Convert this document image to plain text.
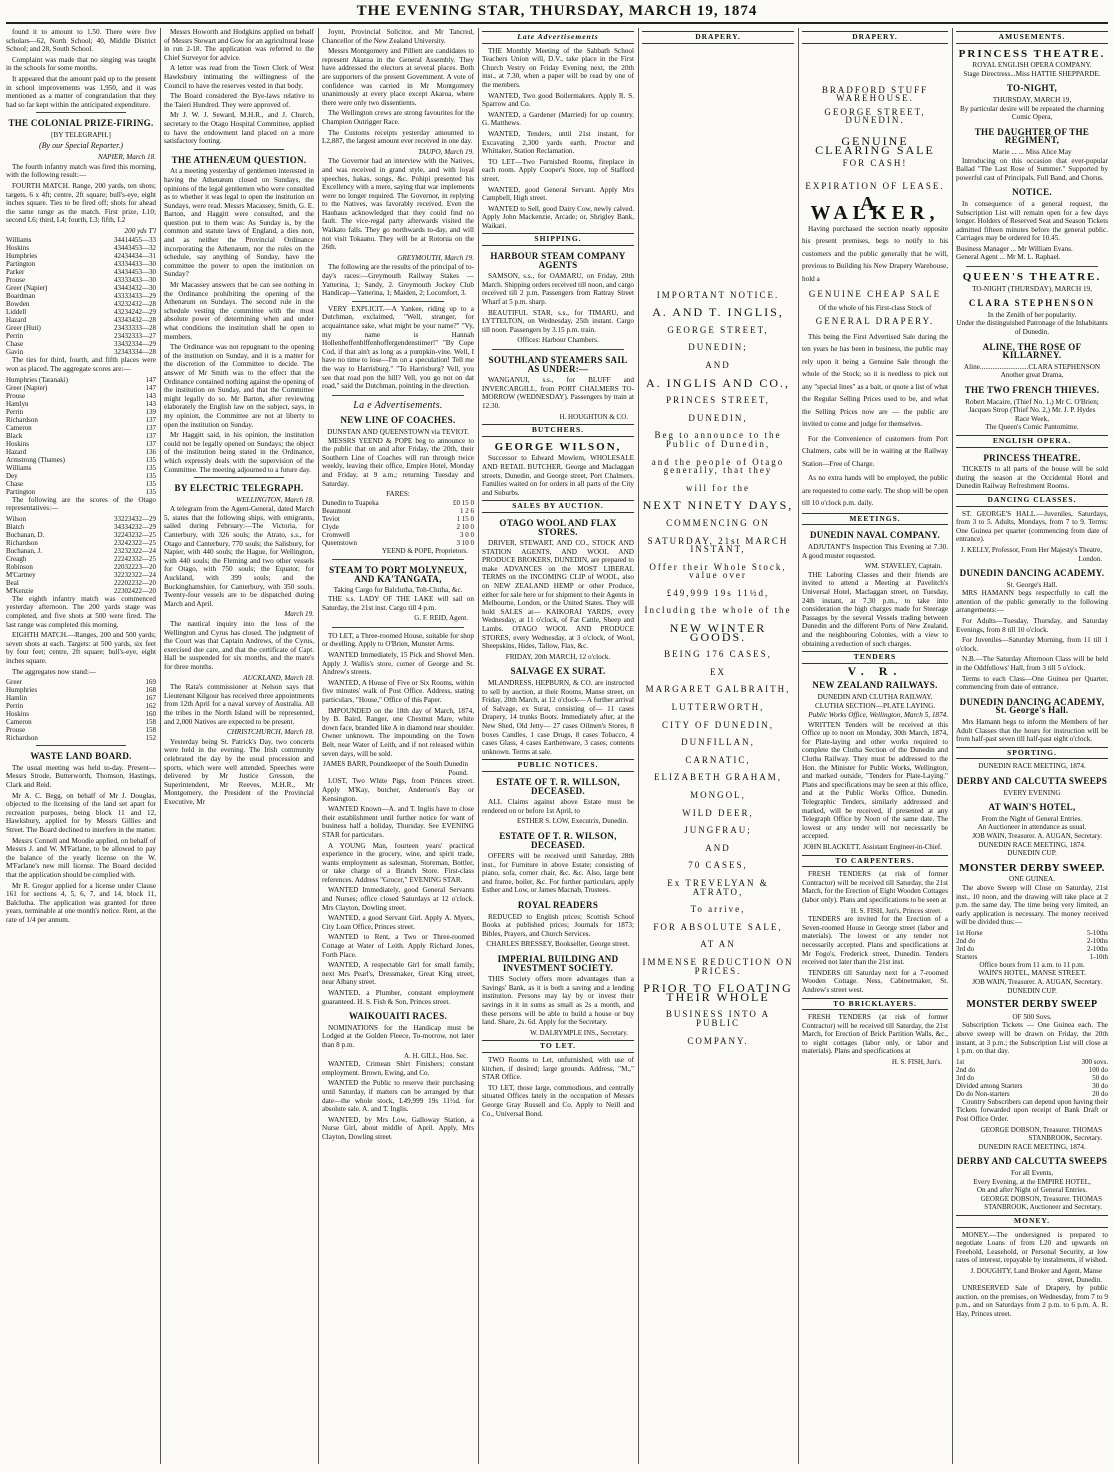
THE EVENING STAR, THURSDAY, MARCH 19, 1874

found it to amount to 1.50. There were five scholars—62, North School; 40, Middle District School; and 28, South School.

Complaint was made that no singing was taught in the schools for some months.

It appeared that the amount paid up to the present in school improvements was 1,950, and it was mentioned as a matter of congratulation that they had so far kept within the anticipated expenditure.

THE COLONIAL PRIZE-FIRING.
[BY TELEGRAPH.]
(By our Special Reporter.)
NAPIER, March 18.

The fourth infantry match was fired this morning, with the following result:—

FOURTH MATCH. Range, 200 yards, ten shots; targets, 6 x 4ft; centre, 2ft square; bull's-eye, eight inches square. Ties to be fired off; shots for ahead the same range as the match. First prize, L10; second L6; third, L4; fourth, L3; fifth, L2

200 yds T'l
Williams	34414455—33
Hoskins	43443453—32
Humphries	42434434—31
Partington	43334433—30
Parker	43434453—30
Prouse	43333433—30
Greer (Napier)	43443432—30
Boardman	43333433—29
Bowden	43232432—28
Liddell	43234242—29
Hazard	43343432—28
Greer (Huti)	23433333—28
Perrin	23432333—27
Chase	33432334—29
Gavin	32343334—28

The ties for third, fourth, and fifth places were won as placed. The aggregate scores are:—

Humphries (Taranaki)	147
Greer (Napier)	147
Prouse	143
Hamlyn	143
Perrin	139
Richardson	137
Cameron	137
Black	137
Hoskins	137
Hazard	136
Armstrong (Thames)	135
Williams	135
Dey	135
Chase	135
Partington	135

The following are the scores of the Otago representatives:—

Wilson	33223432—29
Blatch	34334232—29
Buchanan, D.	32243232—25
Richardson	23242322—25
Buchanan, J.	23232322—24
Creagh	22242332—25
Robinson	22032223—20
M'Cartney	32232322—24
Beal	22202232—20
M'Kenzie	22302422—20

The eighth infantry match was commenced yesterday afternoon. The 200 yards stage was completed, and five shots at 500 were fired. The last range was completed this morning.

EIGHTH MATCH.—Ranges, 200 and 500 yards; seven shots at each. Targets: at 500 yards, six feet by four feet; centre, 2ft square; bull's-eye, eight inches square.

The aggregates now stand:—

Greer	169
Humphries	168
Hamlin	167
Perrin	162
Hoskins	160
Cameron	158
Prouse	158
Richardson	152
WASTE LAND BOARD.

The usual meeting was held to-day. Present—Messrs Strode, Butterworth, Thomson, Hastings, Clark and Reid.

Mr A. C. Begg, on behalf of Mr J. Douglas, objected to the licensing of the land set apart for recreation purposes, being block 11 and 12, Hawksbury, applied for by Messrs Gillies and Street. The Board declined to interfere in the matter.

Messrs Connell and Moodie applied, on behalf of Messrs J. and W. M'Farlane, to be allowed to pay the balance of the yearly license on the W. M'Farlane's new mill license. The Board decided that the application should be complied with.

Mr R. Gregor applied for a license under Clause 161 for sections 4, 5, 6, 7, and 14, block 11, Balclutha. The application was granted for three years, terminable at one month's notice. Rent, at the rate of 1/4 per annum.

Messrs Howorth and Hodgkins applied on behalf of Messrs Stewart and Gow for an agricultural lease in run 2-18. The application was referred to the Chief Surveyor for advice.

A letter was read from the Town Clerk of West Hawksbury intimating the willingness of the Council to have the reserves vested in that body.

The Board considered the Bye-laws relative to the Taieri Hundred. They were approved of.

Mr J. W. J. Seward, M.H.R., and J. Church, secretary to the Otago Hospital Committee, applied to have the endowment land placed on a more satisfactory footing.

THE ATHENÆUM QUESTION.

At a meeting yesterday of gentlemen interested in having the Athenæum closed on Sundays, the opinions of the legal gentlemen who were consulted as to whether it was legal to open the institution on Sundays, were read. Messrs Macassey, Smith, G. E. Barton, and Haggitt were consulted, and the question put to them was: As Sunday is, by the common and statute laws of England, a dies non, and as neither the Provincial Ordinance incorporating the Athenæum, nor the rules on the schedule, say anything of Sunday, have the committee the power to open the institution on Sunday?

Mr Macassey answers that he can see nothing in the Ordinance prohibiting the opening of the Athenæum on Sundays. The second rule in the schedule vesting the committee with the most absolute power of determining when and under what conditions the institution shall be open to members.

The Ordinance was not repugnant to the opening of the institution on Sunday, and it is a matter for the discretion of the Committee to decide. The answer of Mr Smith was to the effect that the Ordinance contained nothing against the opening of the institution on Sunday, and that the Committee might legally do so. Mr Barton, after reviewing elaborately the English law on the subject, says, in my opinion, the Committee are not at liberty to open the institution on Sunday.

Mr Haggitt said, in his opinion, the institution could not be legally opened on Sundays; the object of the institution being stated in the Ordinance, which expressly deals with the supervision of the Committee. The meeting adjourned to a future day.

BY ELECTRIC TELEGRAPH.
WELLINGTON, March 18.

A telegram from the Agent-General, dated March 5, states that the following ships, with emigrants, sailed during February:—The Victoria, for Canterbury, with 326 souls; the Atrato, s.s., for Otago and Canterbury, 770 souls; the Salisbury, for Napier, with 440 souls; the Hague, for Wellington, with 440 souls; the Fleming and two other vessels for Otago, with 750 souls; the Equator, for Auckland, with 399 souls; and the Buckinghamshire, for Canterbury, with 350 souls. Twenty-four vessels are to be dispatched during March and April.

March 19.

The nautical inquiry into the loss of the Wellington and Cyrus has closed. The judgment of the Court was that Captain Andrews, of the Cyrus, exercised due care, and that the certificate of Capt. Hall be suspended for six months, and the mate's for three months.

AUCKLAND, March 18.

The Rata's commissioner at Nelson says that Lieutenant Kilgour has received three appointments from 12th April for a naval survey of Australia. All the tribes in the North Island will be represented, and 2,000 Natives are expected to be present.

CHRISTCHURCH, March 18.

Yesterday being St. Patrick's Day, two concerts were held in the evening. The Irish community celebrated the day by the usual procession and sports, which were well attended. Speeches were delivered by Mr Justice Gresson, the Superintendent, Mr Reeves, M.H.R., Mr Montgomery, the President of the Provincial Executive, Mr

Joynt, Provincial Solicitor, and Mr Tancred, Chancellor of the New Zealand University.

Messrs Montgomery and Pilliett are candidates to represent Akaroa in the General Assembly. They have addressed the electors at several places. Both are supporters of the present Government. A vote of confidence was carried in Mr Montgomery unanimously at every place except Akaroa, where there were only two dissentients.

The Wellington crews are strong favourites for the Champion Outrigger Race.

The Customs receipts yesterday amounted to L2,887, the largest amount ever received in one day.

TAUPO, March 19.

The Governor had an interview with the Natives, and was received in grand style, and with loyal speeches, hakas, songs, &c. Pohipi presented his Excellency with a mere, saying that war implements were no longer required. The Governor, in replying to the Natives, was favorably received. Even the Hauhaus acknowledged that they could find no fault. The vice-regal party afterwards visited the Waikato falls. They go northwards to-day, and will not visit Tokaanu. They will be at Rotorua on the 26th.

GREYMOUTH, March 19.

The following are the results of the principal of to-day's races:—Greymouth Railway Stakes —Yatterina, 1; Sandy, 2. Greymouth Jockey Club Handicap—Yatterina, 1; Maiden, 2; Locomfort, 3.

VERY EXPLICIT.—A Yankee, riding up to a Dutchman, exclaimed, "Well, stranger, for acquaintance sake, what might be your name?" "Vy, my name is Hannah Hollenheffenblffenhoffergendenstimer!" "By Cope Cod, if that ain't as long as a pumpkin-vine. Well, I have no time to lose—I'm on a speculation! Tell me the way to Harrisburg." "To Harrisburg? Vell, you see that road pon the hill? Vell, you go not on dat road," said the Dutchman, pointing in the direction.

La e Advertisements.
NEW LINE OF COACHES.
DUNSTAN AND QUEENSTOWN via TEVIOT.

MESSRS YEEND & POPE beg to announce to the public that on and after Friday, the 20th, their Southern Line of Coaches will run through twice weekly, leaving their office, Empire Hotel, Monday and Friday, at 9 a.m.; returning Tuesday and Saturday.

FARES:
Dunedin to Tuapeka	£0 15 0
Beaumont	1 2 6
Teviot	1 15 0
Clyde	2 10 0
Cromwell	3 0 0
Queenstown	3 10 0
YEEND & POPE, Proprietors.
STEAM TO PORT MOLYNEUX, AND KA'TANGATA,
Taking Cargo for Balclutha, Toh-Clutha, &c.

THE s.s. LADY OF THE LAKE will sail on Saturday, the 21st inst. Cargo till 4 p.m.

G. F. REID, Agent.

TO LET, a Three-roomed House, suitable for shop or dwelling. Apply to O'Brien, Munster Arms.

WANTED Immediately, 15 Pick and Shovel Men. Apply J. Wallis's store, corner of George and St. Andrew's streets.

WANTED, A House of Five or Six Rooms, within five minutes' walk of Post Office. Address, stating particulars, "House," Office of this Paper.

IMPOUNDED on the 18th day of March, 1874, by B. Baird, Ranger, one Chestnut Mare, white down face, branded like A in diamond near shoulder. Owner unknown. The impounding on the Town Belt, near Water of Leith, and if not released within seven days, will be sold.

JAMES BARR, Poundkeeper of the South Dunedin Pound.

LOST, Two White Pigs, from Princes street. Apply M'Kay, butcher, Anderson's Bay or Kensington.

WANTED Known—A. and T. Inglis have to close their establishment until further notice for want of business half a holiday, Thursday. See EVENING STAR for particulars.

A YOUNG Man, fourteen years' practical experience in the grocery, wine, and spirit trade, wants employment as salesman, Storeman, Bottler, or take charge of a Branch Store. First-class references. Address "Grocer," EVENING STAR.

WANTED Immediately, good General Servants and Nurses; office closed Saturdays at 12 o'clock. Mrs Clayton, Dowling street.

WANTED, a good Servant Girl. Apply A. Myers, City Loan Office, Princes street.

WANTED to Rent, a Two or Three-roomed Cottage at Water of Leith. Apply Richard Jones, Forth Place.

WANTED, A respectable Girl for small family, next Mrs Pearl's, Dressmaker, Great King street, near Albany street.

WANTED, a Plumber, constant employment guaranteed. H. S. Fish & Son, Princes street.

WAIKOUAITI RACES.

NOMINATIONS for the Handicap must be Lodged at the Golden Fleece, To-morrow, not later than 8 p.m.

A. H. GILL, Hon. Sec.

WANTED, Crimean Shirt Finishers; constant employment. Brown, Ewing, and Co.

WANTED the Public to reserve their purchasing until Saturday, if matters can be arranged by that date—the whole stock, L49,999 19s 11½d. for absolute sale. A. and T. Inglis.

WANTED, by Mrs Low, Galloway Station, a Nurse Girl, about middle of April. Apply, Mrs Clayton, Dowling street.

Late Advertisements

THE Monthly Meeting of the Sabbath School Teachers Union will, D.V., take place in the First Church Vestry on Friday Evening next, the 20th inst., at 7.30, when a paper will be read by one of the members.

WANTED, Two good Boilermakers. Apply R. S. Sparrow and Co.

WANTED, a Gardener (Married) for up country. G. Matthews.

WANTED, Tenders, until 21st instant, for Excavating 2,300 yards earth. Proctor and Whittaker, Station Reclamation.

TO LET—Two Furnished Rooms, fireplace in each room. Apply Cooper's Store, top of Stafford street.

WANTED, good General Servant. Apply Mrs Campbell, High street.

WANTED to Sell, good Dairy Cow, newly calved. Apply John Mackenzie, Arcade; or, Shrigley Bank, Waikari.

SHIPPING.
HARBOUR STEAM COMPANY AGENTS

SAMSON, s.s., for OAMARU, on Friday, 20th March. Shipping orders received till noon, and cargo received till 2 p.m. Passengers from Rattray Street Wharf at 5 p.m. sharp.

BEAUTIFUL STAR, s.s., for TIMARU, and LYTTELTON, on Wednesday, 25th instant. Cargo till noon. Passengers by 3.15 p.m. train.

Offices: Harbour Chambers.
SOUTHLAND STEAMERS SAIL AS UNDER:—

WANGANUI, s.s., for BLUFF and INVERCARGILL, from PORT CHALMERS TO-MORROW (WEDNESDAY). Passengers by train at 12.30.

H. HOUGHTON & CO.
BUTCHERS.
GEORGE WILSON,

Successor to Edward Mowlem, WHOLESALE AND RETAIL BUTCHER, George and Maclaggan streets, Dunedin, and George street, Port Chalmers. Families waited on for orders in all parts of the City and Suburbs.

SALES BY AUCTION.
OTAGO WOOL AND FLAX STORES.

DRIVER, STEWART, AND CO., STOCK AND STATION AGENTS, AND WOOL AND PRODUCE BROKERS, DUNEDIN, are prepared to make ADVANCES on the MOST LIBERAL TERMS on the INCOMING CLIP of WOOL, also on NEW ZEALAND HEMP or other Produce, either for sale here or for shipment to their Agents in Melbourne, London, or the United States. They will hold SALES at— KAIKORAI YARDS, every Wednesday, at 11 o'clock, of Fat Cattle, Sheep and Lambs. OTAGO WOOL AND PRODUCE STORES, every Wednesday, at 3 o'clock, of Wool, Sheepskins, Hides, Tallow, Flax, &c.

FRIDAY, 20th MARCH, 12 o'clock.
SALVAGE EX SURAT.

MLANDRESS, HEPBURN, & CO. are instructed to sell by auction, at their Rooms, Manse street, on Friday, 20th March, at 12 o'clock— A further arrival of Salvage, ex Surat, consisting of— 11 cases Drapery, 14 trunks Boots. Immediately after, at the New Shed, Old Jetty— 27 cases Oilmen's Stores, 8 boxes Candles, 1 case Drugs, 8 cases Tobacco, 4 cases Glass, 4 cases Earthenware, 3 cases, contents unknown. Terms at sale.

PUBLIC NOTICES.
ESTATE OF T. R. WILLSON, DECEASED.

ALL Claims against above Estate must be rendered on or before 1st April, to

ESTHER S. LOW, Executrix, Dunedin.
ESTATE OF T. R. WILSON, DECEASED.

OFFERS will be received until Saturday, 28th inst., for Furniture in above Estate; consisting of piano, sofa, corner chair, &c. &c. Also, large bent and frame, boiler, &c. For further particulars, apply Esther and Low, or James Macnab, Trustees.

ROYAL READERS

REDUCED to English prices; Scottish School Books at published prices; Journals for 1873; Bibles, Prayers, and Church Services.

CHARLES BRESSEY, Bookseller, George street.
IMPERIAL BUILDING AND INVESTMENT SOCIETY.

THIS Society offers more advantages than a Savings' Bank, as it is both a saving and a lending institution. Persons may lay by or invest their savings in it in sums as small as 2s a month, and these persons will be able to build a house or buy land. Share, 2s. 6d. Apply for the Secretary.

W. DALRYMPLE INS., Secretary.
TO LET.

TWO Rooms to Let, unfurnished, with use of kitchen, if desired; large grounds. Address, "M.," STAR Office.

TO LET, those large, commodious, and centrally situated Offices lately in the occupation of Messrs George Gray Russell and Co. Apply to Neill and Co., Universal Bond.

DRAPERY.
IMPORTANT NOTICE.
A. AND T. INGLIS,
GEORGE STREET,
DUNEDIN;
AND
A. INGLIS AND CO.,
PRINCES STREET,
DUNEDIN,
Beg to announce to the Public of Dunedin,
and the people of Otago generally, that they
will for the
NEXT NINETY DAYS,
COMMENCING ON
SATURDAY, 21st MARCH INSTANT,
Offer their Whole Stock, value over
£49,999 19s 11½d,
Including the whole of the
NEW WINTER GOODS.
BEING 176 CASES,
EX
MARGARET GALBRAITH,
LUTTERWORTH,
CITY OF DUNEDIN,
DUNFILLAN,
CARNATIC,
ELIZABETH GRAHAM,
MONGOL,
WILD DEER,
JUNGFRAU;
AND
70 CASES,
Ex TREVELYAN & ATRATO,
To arrive,
FOR ABSOLUTE SALE,
AT AN
IMMENSE REDUCTION ON PRICES.
PRIOR TO FLOATING THEIR WHOLE
BUSINESS INTO A PUBLIC
COMPANY.
DRAPERY.
BRADFORD STUFF WAREHOUSE.
GEORGE STREET, DUNEDIN.
GENUINE CLEARING SALE
FOR CASH!
EXPIRATION OF LEASE.
A. WALKER,

Having purchased the section nearly opposite his present premises, begs to notify to his customers and the public generally that he will, previous to Building his New Drapery Warehouse, hold a

GENUINE CHEAP SALE
Of the whole of his First-class Stock of
GENERAL DRAPERY.

This being the First Advertised Sale during the ten years he has been in business, the public may rely upon it being a Genuine Sale through the whole of the Stock; so it is needless to pick out any "special lines" as a bait, or quote a list of what the Regular Selling Prices used to be, and what the Selling Prices now are — the public are invited to come and judge for themselves.

For the Convenience of customers from Port Chalmers, cabs will be in waiting at the Railway Station—Free of Charge.

As no extra hands will be employed, the public are requested to come early. The shop will be open till 10 o'clock p.m. daily.

MEETINGS.
DUNEDIN NAVAL COMPANY.

ADJUTANT'S Inspection This Evening at 7.30. A good muster requested.

WM. STAVELEY, Captain.

THE Laboring Classes and their friends are invited to attend a Meeting at Pavelitch's Universal Hotel, Maclaggan street, on Tuesday, 24th instant, at 7.30 p.m., to take into consideration the high charges made for Steerage Passages by the several Vessels trading between Dunedin and the different Ports of New Zealand, and the neighbouring Colonies, with a view to obtaining a reduction of such charges.

TENDERS
V. R.
NEW ZEALAND RAILWAYS.
DUNEDIN AND CLUTHA RAILWAY.
CLUTHA SECTION—PLATE LAYING.
Public Works Office, Wellington, March 5, 1874.

WRITTEN Tenders will be received at this Office up to noon on Monday, 30th March, 1874, for Plate-laying and other works required to complete the Clutha Section of the Dunedin and Clutha Railway. They must be addressed to the Hon. the Minister for Public Works, Wellington, and marked outside, "Tenders for Plate-Laying." Plans and specifications may be seen at this office, and at the Public Works Office, Dunedin. Telegraphic Tenders, similarly addressed and marked, will be received, if presented at any Telegraph Office by Noon of the same date. The lowest or any tender will not necessarily be accepted.

JOHN BLACKETT, Assistant Engineer-in-Chief.
TO CARPENTERS.

FRESH TENDERS (at risk of former Contractor) will be received till Saturday, the 21st March, for the Erection of Eight Wooden Cottages (labor only). Plans and specifications to be seen at

H. S. FISH, Jun's, Princes street.

TENDERS are invited for the Erection of a Seven-roomed House in George street (labor and materials). The lowest or any tender not necessarily accepted. Plans and specifications at Mr Fogo's, Frederick street, Dunedin. Tenders received not later than the 21st inst.

TENDERS till Saturday next for a 7-roomed Wooden Cottage. Ness, Cabinetmaker, St. Andrew's street west.

TO BRICKLAYERS.

FRESH TENDERS (at risk of former Contractor) will be received till Saturday, the 21st March, for Erection of Brick Partition Walls, &c., to eight cottages (labor only, or labor and materials). Plans and specifications at

H. S. FISH, Jun's.
AMUSEMENTS.
PRINCESS THEATRE.
ROYAL ENGLISH OPERA COMPANY.
Stage Directress...Miss HATTIE SHEPPARDE.
TO-NIGHT,
THURSDAY, MARCH 19,
By particular desire will be repeated the charming Comic Opera,
THE DAUGHTER OF THE REGIMENT,
Marie ... ... Miss Alice May

Introducing on this occasion that ever-popular Ballad "The Last Rose of Summer." Supported by powerful cast of Principals, Full Band, and Chorus.

NOTICE.

In consequence of a general request, the Subscription List will remain open for a few days longer. Holders of Reserved Seat and Season Tickets admitted fifteen minutes before the general public. Carriages may be ordered for 10.45.

Business Manager ... Mr William Evans.
General Agent ... Mr M. L. Raphael.
QUEEN'S THEATRE.
TO-NIGHT (THURSDAY), MARCH 19,
CLARA STEPHENSON
In the Zenith of her popularity.
Under the distinguished Patronage of the Inhabitants of Dunedin.
ALINE, THE ROSE OF KILLARNEY.
Aline...........................CLARA STEPHENSON
Another great Drama,
THE TWO FRENCH THIEVES.
Robert Macaire, (Thief No. 1,) Mr C. O'Brien; Jacques Strop (Thief No. 2,) Mr. J. P. Hydes
Race Week,
The Queen's Comic Pantomime.
ENGLISH OPERA.
PRINCESS THEATRE.

TICKETS to all parts of the house will be sold during the season at the Occidental Hotel and Dunedin Railway Refreshment Rooms.

DANCING CLASSES.

ST. GEORGE'S HALL.—Juveniles, Saturdays, from 3 to 5. Adults, Mondays, from 7 to 9. Terms: One Guinea per quarter (commencing from date of entrance).

J. KELLY, Professor, From Her Majesty's Theatre, London.
DUNEDIN DANCING ACADEMY.
St. George's Hall.

MRS HAMANN begs respectfully to call the attention of the public generally to the following arrangements:—

For Adults—Tuesday, Thursday, and Saturday Evenings, from 8 till 10 o'clock.

For Juveniles—Saturday Morning, from 11 till 1 o'clock.

N.B.—The Saturday Afternoon Class will be held in the Oddfellows' Hall, from 3 till 5 o'clock.

Terms to each Class—One Guinea per Quarter, commencing from date of entrance.

DUNEDIN DANCING ACADEMY, St. George's Hall.

Mrs Hamann begs to inform the Members of her Adult Classes that the hours for instruction will be from half-past seven till half-past eight o'clock.

SPORTING.
DUNEDIN RACE MEETING, 1874.
DERBY AND CALCUTTA SWEEPS
EVERY EVENING
AT WAIN'S HOTEL,
From the Night of General Entries.
An Auctioneer in attendance as usual.
JOB WAIN, Treasurer. A. AUGAN, Secretary.
DUNEDIN RACE MEETING, 1874.
DUNEDIN CUP.
MONSTER DERBY SWEEP.
ONE GUINEA.

The above Sweep will Close on Saturday, 21st inst., 10 noon, and the drawing will take place at 2 p.m. the same day. The time being very limited, an early application is necessary. The money received will be divided thus:—

1st Horse	5-10ths
2nd do	2-10ths
3rd do	2-10ths
Starters	1-10th
Office hours from 11 a.m. to 11 p.m.
WAIN'S HOTEL, MANSE STREET.
JOB WAIN, Treasurer. A. AUGAN, Secretary.
DUNEDIN CUP.
MONSTER DERBY SWEEP
OF 500 Sovs.

Subscription Tickets — One Guinea each. The above sweep will be drawn on Friday, the 20th instant, at 3 p.m.; the Subscription List will close at 1 p.m. on that day.

1st	300 sovs.
2nd do	100 do
3rd do	50 do
Divided among Starters	30 do
Do do Non-starters	20 do

Country Subscribers can depend upon having their Tickets forwarded upon receipt of Bank Draft or Post Office Order.

GEORGE DOBSON, Treasurer. THOMAS STANBROOK, Secretary.
DUNEDIN RACE MEETING, 1874.
DERBY AND CALCUTTA SWEEPS
For all Events,
Every Evening, at the EMPIRE HOTEL,
On and after Night of General Entries.
GEORGE DOBSON, Treasurer. THOMAS STANBROOK, Auctioneer and Secretary.
MONEY.

MONEY.—The undersigned is prepared to negotiate Loans of from L20 and upwards on Freehold, Leasehold, or Personal Security, at low rates of interest, repayable by instalments, if wished.

J. DOUGHTY, Land Broker and Agent, Manse street, Dunedin.

UNRESERVED Sale of Drapery, by public auction, on the premises, on Wednesday, from 7 to 9 p.m., and on Saturdays from 2 p.m. to 6 p.m. A. R. Hay, Princes street.
